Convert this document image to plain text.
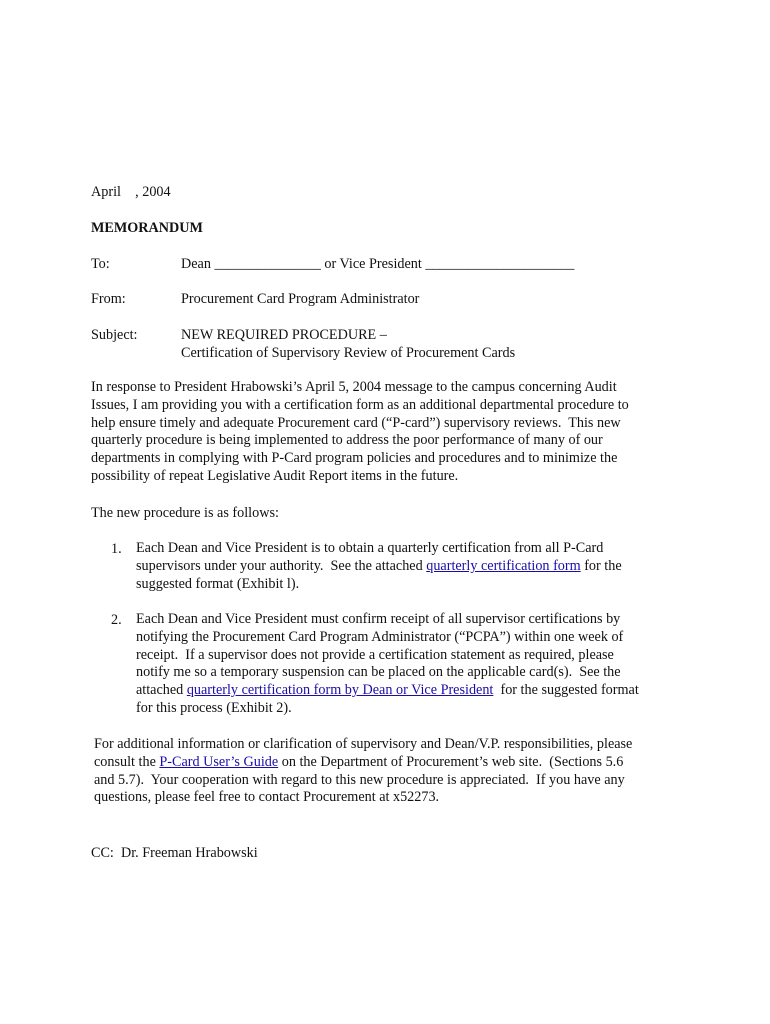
April    , 2004
MEMORANDUM
To:	Dean _______________ or Vice President _____________________
From:	Procurement Card Program Administrator
Subject:	NEW REQUIRED PROCEDURE –
Certification of Supervisory Review of Procurement Cards

In response to President Hrabowski’s April 5, 2004 message to the campus concerning Audit

Issues, I am providing you with a certification form as an additional departmental procedure to

help ensure timely and adequate Procurement card (“P-card”) supervisory reviews.  This new

quarterly procedure is being implemented to address the poor performance of many of our

departments in complying with P-Card program policies and procedures and to minimize the

possibility of repeat Legislative Audit Report items in the future.

The new procedure is as follows:
1. Each Dean and Vice President is to obtain a quarterly certification from all P-Card

supervisors under your authority.  See the attached quarterly certification form for the

suggested format (Exhibit l).

2. Each Dean and Vice President must confirm receipt of all supervisor certifications by

notifying the Procurement Card Program Administrator (“PCPA”) within one week of

receipt.  If a supervisor does not provide a certification statement as required, please

notify me so a temporary suspension can be placed on the applicable card(s).  See the

attached quarterly certification form by Dean or Vice President  for the suggested format

for this process (Exhibit 2).

For additional information or clarification of supervisory and Dean/V.P. responsibilities, please

consult the P-Card User’s Guide on the Department of Procurement’s web site.  (Sections 5.6

and 5.7).  Your cooperation with regard to this new procedure is appreciated.  If you have any

questions, please feel free to contact Procurement at x52273.

CC:  Dr. Freeman Hrabowski
